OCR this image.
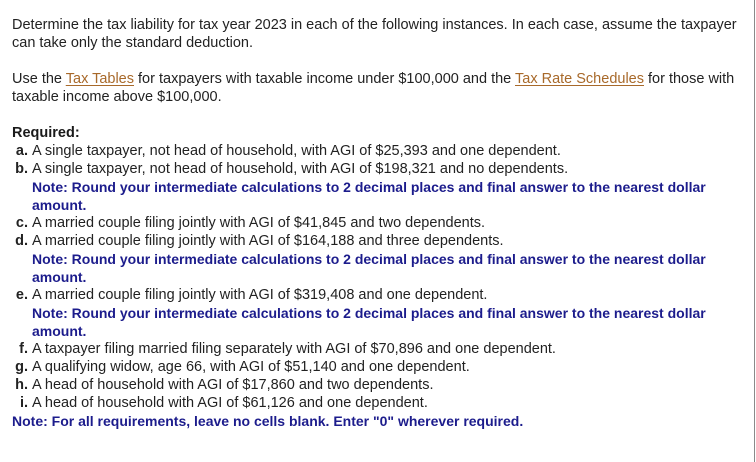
Determine the tax liability for tax year 2023 in each of the following instances. In each case, assume the taxpayer can take only the standard deduction.

Use the Tax Tables for taxpayers with taxable income under $100,000 and the Tax Rate Schedules for those with taxable income above $100,000.

Required:

a. A single taxpayer, not head of household, with AGI of $25,393 and one dependent.
b. A single taxpayer, not head of household, with AGI of $198,321 and no dependents.
Note: Round your intermediate calculations to 2 decimal places and final answer to the nearest dollar amount.
c. A married couple filing jointly with AGI of $41,845 and two dependents.
d. A married couple filing jointly with AGI of $164,188 and three dependents.
Note: Round your intermediate calculations to 2 decimal places and final answer to the nearest dollar amount.
e. A married couple filing jointly with AGI of $319,408 and one dependent.
Note: Round your intermediate calculations to 2 decimal places and final answer to the nearest dollar amount.
f. A taxpayer filing married filing separately with AGI of $70,896 and one dependent.
g. A qualifying widow, age 66, with AGI of $51,140 and one dependent.
h. A head of household with AGI of $17,860 and two dependents.
i. A head of household with AGI of $61,126 and one dependent.

Note: For all requirements, leave no cells blank. Enter "0" wherever required.
